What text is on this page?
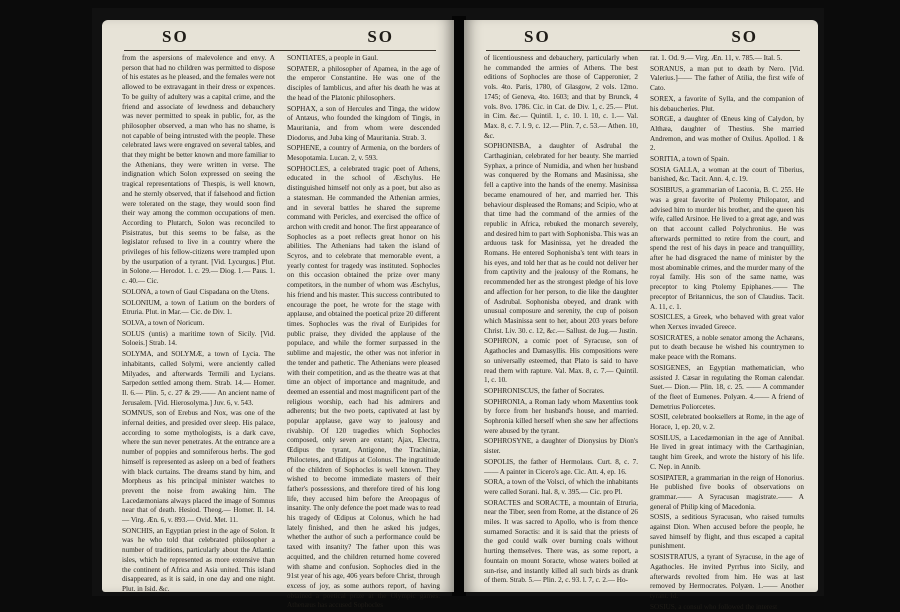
SO	SO

from the aspersions of malevolence and envy. A person that had no children was permitted to dispose of his estates as he pleased, and the females were not allowed to be extravagant in their dress or expences. To be guilty of adultery was a capital crime, and the friend and associate of lewdness and debauchery was never permitted to speak in public, for, as the philosopher observed, a man who has no shame, is not capable of being intrusted with the people. These celebrated laws were engraved on several tables, and that they might be better known and more familiar to the Athenians, they were written in verse. The indignation which Solon expressed on seeing the tragical representations of Thespis, is well known, and he sternly observed, that if falsehood and fiction were tolerated on the stage, they would soon find their way among the common occupations of men. According to Plutarch, Solon was reconciled to Pisistratus, but this seems to be false, as the legislator refused to live in a country where the privileges of his fellow-citizens were trampled upon by the usurpation of a tyrant. [Vid. Lycurgus.] Plut. in Solone.— Herodot. 1. c. 29.— Diog. 1.— Paus. 1. c. 40.— Cic.

SOLONA, a town of Gaul Cispadana on the Utens.

SOLONIUM, a town of Latium on the borders of Etruria. Plut. in Mar.— Cic. de Div. 1.

SOLVA, a town of Noricum.

SOLUS (untis) a maritime town of Sicily. [Vid. Soloeis.] Strab. 14.

SOLYMA, and SOLYMÆ, a town of Lycia. The inhabitants, called Solymi, were anciently called Milyades, and afterwards Termili and Lycians. Sarpedon settled among them. Strab. 14.— Homer. Il. 6.— Plin. 5, c. 27 & 29.—— An ancient name of Jerusalem. [Vid. Hierosolyma.] Juv. 6, v. 543.

SOMNUS, son of Erebus and Nox, was one of the infernal deities, and presided over sleep. His palace, according to some mythologists, is a dark cave, where the sun never penetrates. At the entrance are a number of poppies and somniferous herbs. The god himself is represented as asleep on a bed of feathers with black curtains. The dreams stand by him, and Morpheus as his principal minister watches to prevent the noise from awaking him. The Lacedæmonians always placed the image of Somnus near that of death. Hesiod. Theog.— Homer. Il. 14.— Virg. Æn. 6, v. 893.— Ovid. Met. 11.

SONCHIS, an Egyptian priest in the age of Solon. It was he who told that celebrated philosopher a number of traditions, particularly about the Atlantic isles, which he represented as more extensive than the continent of Africa and Asia united. This island disappeared, as it is said, in one day and one night. Plut. in Isid. &c.

SONTIATES, a people in Gaul.

SOPATER, a philosopher of Apamea, in the age of the emperor Constantine. He was one of the disciples of Iamblicus, and after his death he was at the head of the Platonic philosophers.

SOPHAX, a son of Hercules and Tinga, the widow of Antæus, who founded the kingdom of Tingis, in Mauritania, and from whom were descended Diodorus, and Juba king of Mauritania. Strab. 3.

SOPHENE, a country of Armenia, on the borders of Mesopotamia. Lucan. 2, v. 593.

SOPHOCLES, a celebrated tragic poet of Athens, educated in the school of Æschylus. He distinguished himself not only as a poet, but also as a statesman. He commanded the Athenian armies, and in several battles he shared the supreme command with Pericles, and exercised the office of archon with credit and honor. The first appearance of Sophocles as a poet reflects great honor on his abilities. The Athenians had taken the island of Scyros, and to celebrate that memorable event, a yearly contest for tragedy was instituted. Sophocles on this occasion obtained the prize over many competitors, in the number of whom was Æschylus, his friend and his master. This success contributed to encourage the poet, he wrote for the stage with applause, and obtained the poetical prize 20 different times. Sophocles was the rival of Euripides for public praise, they divided the applause of the populace, and while the former surpassed in the sublime and majestic, the other was not inferior in the tender and pathetic. The Athenians were pleased with their competition, and as the theatre was at that time an object of importance and magnitude, and deemed an essential and most magnificent part of the religious worship, each had his admirers and adherents; but the two poets, captivated at last by popular applause, gave way to jealousy and rivalship. Of 120 tragedies which Sophocles composed, only seven are extant; Ajax, Electra, Œdipus the tyrant, Antigone, the Trachiniæ, Philoctetes, and Œdipus at Colonus. The ingratitude of the children of Sophocles is well known. They wished to become immediate masters of their father's possessions, and therefore tired of his long life, they accused him before the Areopagus of insanity. The only defence the poet made was to read his tragedy of Œdipus at Colonus, which he had lately finished, and then he asked his judges, whether the author of such a performance could be taxed with insanity? The father upon this was acquitted, and the children returned home covered with shame and confusion. Sophocles died in the 91st year of his age, 406 years before Christ, through excess of joy, as some authors report, of having obtained a poetical prize at the Olympic games. Athenæus has accused Sophocles

SO	SO

of licentiousness and debauchery, particularly when he commanded the armies of Athens. The best editions of Sophocles are those of Capperonier, 2 vols. 4to. Paris, 1780, of Glasgow, 2 vols. 12mo. 1745; of Geneva, 4to. 1603; and that by Brunck, 4 vols. 8vo. 1786. Cic. in Cat. de Div. 1, c. 25.— Plut. in Cim. &c.— Quintil. 1, c. 10. l. 10, c. 1.— Val. Max. 8, c. 7. l. 9, c. 12.— Plin. 7, c. 53.— Athen. 10, &c.

SOPHONISBA, a daughter of Asdrubal the Carthaginian, celebrated for her beauty. She married Syphax, a prince of Numidia, and when her husband was conquered by the Romans and Masinissa, she fell a captive into the hands of the enemy. Masinissa became enamoured of her, and married her. This behaviour displeased the Romans; and Scipio, who at that time had the command of the armies of the republic in Africa, rebuked the monarch severely, and desired him to part with Sophonisba. This was an arduous task for Masinissa, yet he dreaded the Romans. He entered Sophonisba's tent with tears in his eyes, and told her that as he could not deliver her from captivity and the jealousy of the Romans, he recommended her as the strongest pledge of his love and affection for her person, to die like the daughter of Asdrubal. Sophonisba obeyed, and drank with unusual composure and serenity, the cup of poison which Masinissa sent to her, about 203 years before Christ. Liv. 30. c. 12, &c.— Sallust. de Jug.— Justin.

SOPHRON, a comic poet of Syracuse, son of Agathocles and Damasyllis. His compositions were so universally esteemed, that Plato is said to have read them with rapture. Val. Max. 8, c. 7.— Quintil. 1, c. 10.

SOPHRONISCUS, the father of Socrates.

SOPHRONIA, a Roman lady whom Maxentius took by force from her husband's house, and married. Sophronia killed herself when she saw her affections were abused by the tyrant.

SOPHROSYNE, a daughter of Dionysius by Dion's sister.

SOPOLIS, the father of Hermolaus. Curt. 8, c. 7.—— A painter in Cicero's age. Cic. Att. 4, ep. 16.

SORA, a town of the Volsci, of which the inhabitants were called Sorani. Ital. 8, v. 395.— Cic. pro Pl.

SORACTES and SORACTE, a mountain of Etruria, near the Tiber, seen from Rome, at the distance of 26 miles. It was sacred to Apollo, who is from thence surnamed Soractis: and it is said that the priests of the god could walk over burning coals without hurting themselves. There was, as some report, a fountain on mount Soracte, whose waters boiled at sun-rise, and instantly killed all such birds as drank of them. Strab. 5.— Plin. 2, c. 93. l. 7, c. 2.— Ho-

rat. 1. Od. 9.— Virg. Æn. 11, v. 785.— Ital. 5.

SORANUS, a man put to death by Nero. [Vid. Valerius.]—— The father of Atilia, the first wife of Cato.

SOREX, a favorite of Sylla, and the companion of his debaucheries. Plut.

SORGE, a daughter of Œneus king of Calydon, by Althæa, daughter of Thestius. She married Andremon, and was mother of Oxilus. Apollod. 1 & 2.

SORITIA, a town of Spain.

SOSIA GALLA, a woman at the court of Tiberius, banished, &c. Tacit. Ann. 4, c. 19.

SOSIBIUS, a grammarian of Laconia, B. C. 255. He was a great favorite of Ptolemy Philopator, and advised him to murder his brother, and the queen his wife, called Arsinoe. He lived to a great age, and was on that account called Polychronius. He was afterwards permitted to retire from the court, and spend the rest of his days in peace and tranquillity, after he had disgraced the name of minister by the most abominable crimes, and the murder many of the royal family. His son of the same name, was preceptor to king Ptolemy Epiphanes.—— The preceptor of Britannicus, the son of Claudius. Tacit. A. 11, c. 1.

SOSICLES, a Greek, who behaved with great valor when Xerxes invaded Greece.

SOSICRATES, a noble senator among the Achæans, put to death because he wished his countrymen to make peace with the Romans.

SOSIGENES, an Egyptian mathematician, who assisted J. Cæsar in regulating the Roman calendar. Suet.— Dion.— Plin. 18, c. 25. —— A commander of the fleet of Eumenes. Polyæn. 4.—— A friend of Demetrius Poliorcetes.

SOSII, celebrated booksellers at Rome, in the age of Horace, 1, ep. 20, v. 2.

SOSILUS, a Lacedæmonian in the age of Annibal. He lived in great intimacy with the Carthaginian, taught him Greek, and wrote the history of his life. C. Nep. in Annib.

SOSIPATER, a grammarian in the reign of Honorius. He published five books of observations on grammar.—— A Syracusan magistrate.—— A general of Philip king of Macedonia.

SOSIS, a seditious Syracusan, who raised tumults against Dion. When accused before the people, he saved himself by flight, and thus escaped a capital punishment.

SOSISTRATUS, a tyrant of Syracuse, in the age of Agathocles. He invited Pyrrhus into Sicily, and afterwards revolted from him. He was at last removed by Hermocrates. Polyæn. 1.—— Another tyrant. Id.

SOSIUS, a consul who followed the interest
